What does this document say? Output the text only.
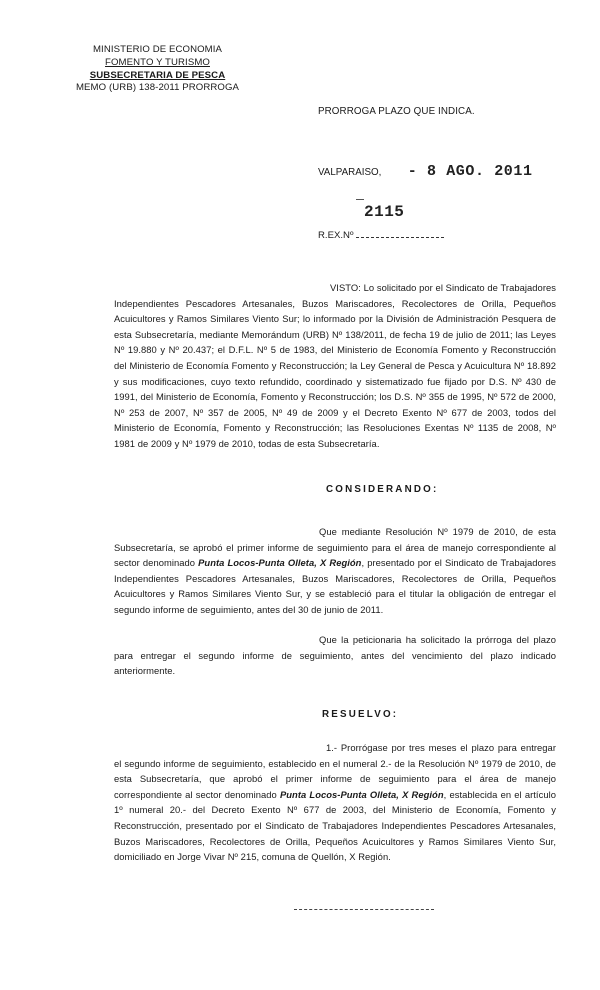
MINISTERIO DE ECONOMIA
FOMENTO Y TURISMO
SUBSECRETARIA DE PESCA
MEMO (URB) 138-2011 PRORROGA
PRORROGA PLAZO QUE INDICA.
VALPARAISO, - 8 AGO. 2011
2115
R.EX.Nº
VISTO: Lo solicitado por el Sindicato de Trabajadores Independientes Pescadores Artesanales, Buzos Mariscadores, Recolectores de Orilla, Pequeños Acuicultores y Ramos Similares Viento Sur; lo informado por la División de Administración Pesquera de esta Subsecretaría, mediante Memorándum (URB) Nº 138/2011, de fecha 19 de julio de 2011; las Leyes Nº 19.880 y Nº 20.437; el D.F.L. Nº 5 de 1983, del Ministerio de Economía Fomento y Reconstrucción del Ministerio de Economía Fomento y Reconstrucción; la Ley General de Pesca y Acuicultura Nº 18.892 y sus modificaciones, cuyo texto refundido, coordinado y sistematizado fue fijado por D.S. Nº 430 de 1991, del Ministerio de Economía, Fomento y Reconstrucción; los D.S. Nº 355 de 1995, Nº 572 de 2000, Nº 253 de 2007, Nº 357 de 2005, Nº 49 de 2009 y el Decreto Exento Nº 677 de 2003, todos del Ministerio de Economía, Fomento y Reconstrucción; las Resoluciones Exentas Nº 1135 de 2008, Nº 1981 de 2009 y Nº 1979 de 2010, todas de esta Subsecretaría.
CONSIDERANDO:
Que mediante Resolución Nº 1979 de 2010, de esta Subsecretaría, se aprobó el primer informe de seguimiento para el área de manejo correspondiente al sector denominado Punta Locos-Punta Olleta, X Región, presentado por el Sindicato de Trabajadores Independientes Pescadores Artesanales, Buzos Mariscadores, Recolectores de Orilla, Pequeños Acuicultores y Ramos Similares Viento Sur, y se estableció para el titular la obligación de entregar el segundo informe de seguimiento, antes del 30 de junio de 2011.
Que la peticionaria ha solicitado la prórroga del plazo para entregar el segundo informe de seguimiento, antes del vencimiento del plazo indicado anteriormente.
RESUELVO:
1.- Prorrógase por tres meses el plazo para entregar el segundo informe de seguimiento, establecido en el numeral 2.- de la Resolución Nº 1979 de 2010, de esta Subsecretaría, que aprobó el primer informe de seguimiento para el área de manejo correspondiente al sector denominado Punta Locos-Punta Olleta, X Región, establecida en el artículo 1º numeral 20.- del Decreto Exento Nº 677 de 2003, del Ministerio de Economía, Fomento y Reconstrucción, presentado por el Sindicato de Trabajadores Independientes Pescadores Artesanales, Buzos Mariscadores, Recolectores de Orilla, Pequeños Acuicultores y Ramos Similares Viento Sur, domiciliado en Jorge Vivar Nº 215, comuna de Quellón, X Región.
